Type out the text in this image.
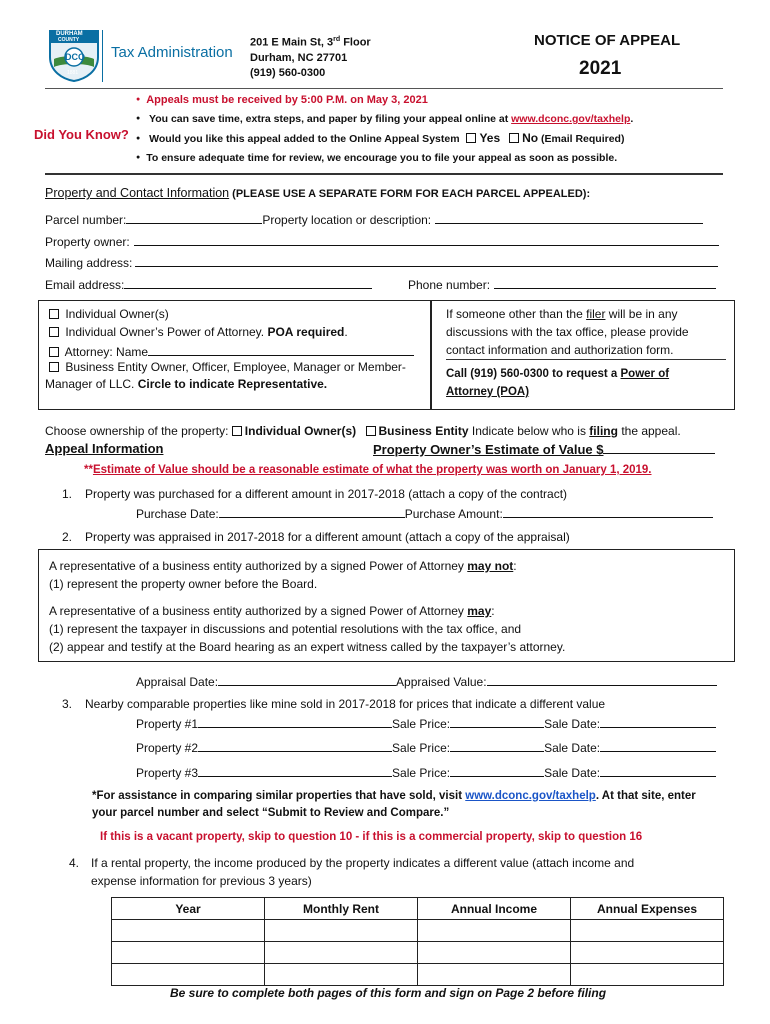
DURHAM
COUNTY
DCO
1881
Tax Administration
201 E Main St, 3rd Floor
Durham, NC 27701
(919) 560-0300
NOTICE OF APPEAL
2021
Did You Know?
● Appeals must be received by 5:00 P.M. on May 3, 2021
● You can save time, extra steps, and paper by filing your appeal online at www.dconc.gov/taxhelp.
● Would you like this appeal added to the Online Appeal System Yes No (Email Required)
● To ensure adequate time for review, we encourage you to file your appeal as soon as possible.
Property and Contact Information (PLEASE USE A SEPARATE FORM FOR EACH PARCEL APPEALED):
Parcel number:	Property location or description:
Property owner:
Mailing address:
Email address:	Phone number:
Individual Owner(s)
Individual Owner’s Power of Attorney. POA required.
Attorney: Name
Business Entity Owner, Officer, Employee, Manager or Member-
Manager of LLC. Circle to indicate Representative.
If someone other than the filer will be in any
discussions with the tax office, please provide
contact information and authorization form.
Call (919) 560-0300 to request a Power of
Attorney (POA)
Choose ownership of the property: Individual Owner(s) Business Entity Indicate below who is filing the appeal.
Appeal Information	Property Owner’s Estimate of Value $
**Estimate of Value should be a reasonable estimate of what the property was worth on January 1, 2019.
1. Property was purchased for a different amount in 2017-2018 (attach a copy of the contract)
Purchase Date:	Purchase Amount:
2. Property was appraised in 2017-2018 for a different amount (attach a copy of the appraisal)
A representative of a business entity authorized by a signed Power of Attorney may not:
(1) represent the property owner before the Board.
A representative of a business entity authorized by a signed Power of Attorney may:
(1) represent the taxpayer in discussions and potential resolutions with the tax office, and
(2) appear and testify at the Board hearing as an expert witness called by the taxpayer’s attorney.
Appraisal Date:	Appraised Value:
3. Nearby comparable properties like mine sold in 2017-2018 for prices that indicate a different value
Property #1	Sale Price:	Sale Date:
Property #2	Sale Price:	Sale Date:
Property #3	Sale Price:	Sale Date:
*For assistance in comparing similar properties that have sold, visit www.dconc.gov/taxhelp. At that site, enter
your parcel number and select “Submit to Review and Compare.”
If this is a vacant property, skip to question 10 - if this is a commercial property, skip to question 16
4. If a rental property, the income produced by the property indicates a different value (attach income and
expense information for previous 3 years)
Year	Monthly Rent	Annual Income	Annual Expenses

Be sure to complete both pages of this form and sign on Page 2 before filing
